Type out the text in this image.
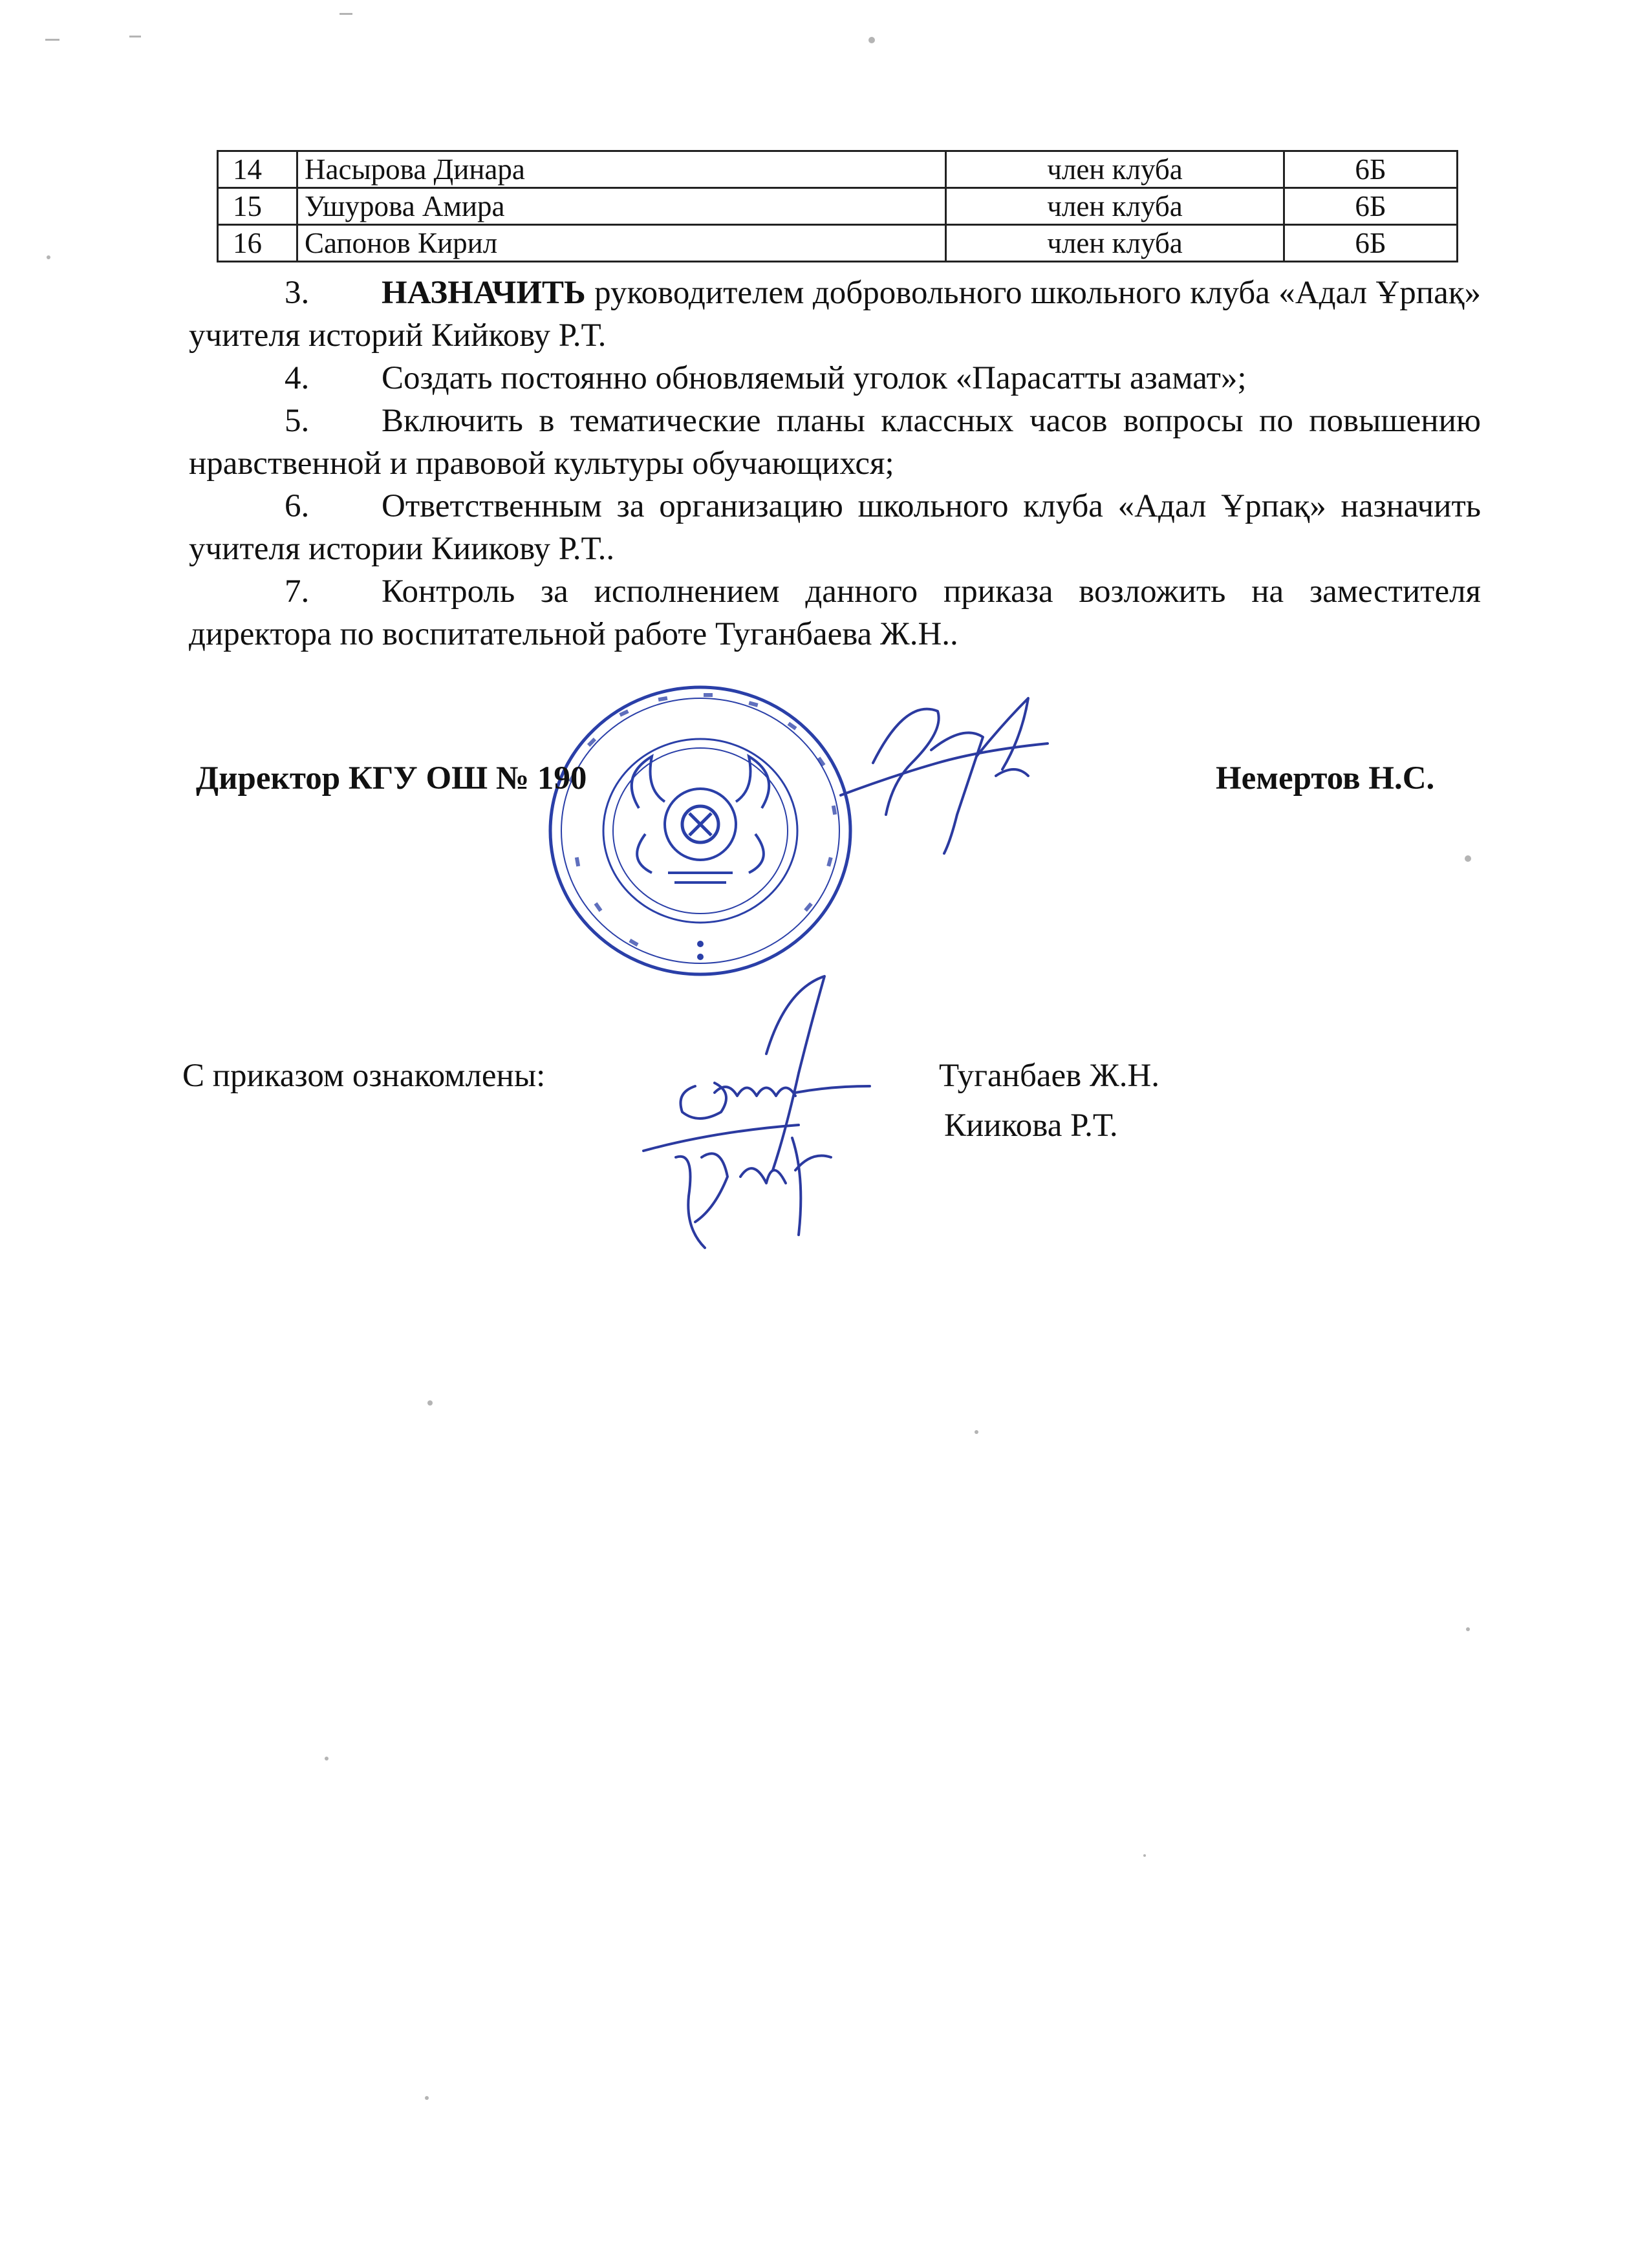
14	Насырова Динара	член клуба	6Б
15	Ушурова Амира	член клуба	6Б
16	Сапонов Кирил	член клуба	6Б

3. НАЗНАЧИТЬ руководителем добровольного школьного клуба «Адал Ұрпақ» учителя историй Кийкову Р.Т.

4. Создать постоянно обновляемый уголок «Парасатты азамат»;

5. Включить в тематические планы классных часов вопросы по повышению нравственной и правовой культуры обучающихся;

6. Ответственным за организацию школьного клуба «Адал Ұрпақ» назначить учителя истории Киикову Р.Т..

7. Контроль за исполнением данного приказа возложить на заместителя директора по воспитательной работе Туганбаева Ж.Н..

Директор КГУ ОШ № 190	Немертов Н.С.
С приказом ознакомлены:	Туганбаев Ж.Н.
Киикова Р.Т.
